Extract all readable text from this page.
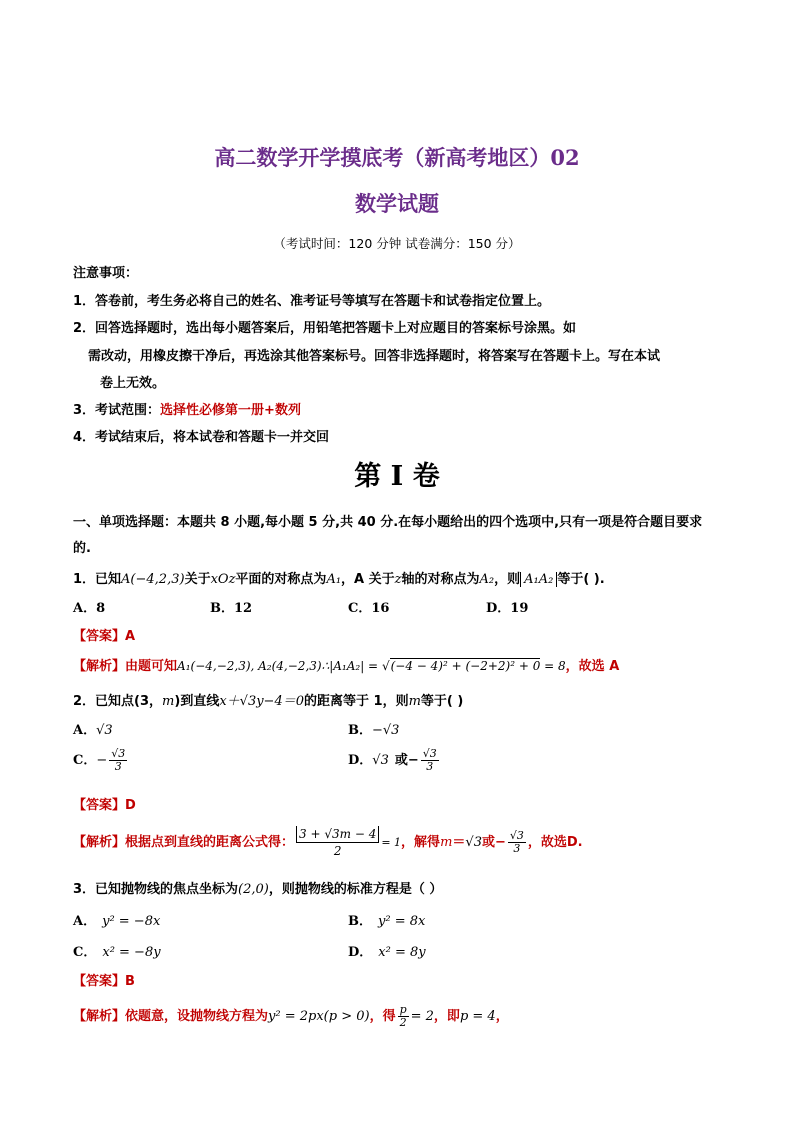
高二数学开学摸底考（新高考地区）02
数学试题
（考试时间：120 分钟 试卷满分：150 分）
注意事项：
1．答卷前，考生务必将自己的姓名、准考证号等填写在答题卡和试卷指定位置上。
2．回答选择题时，选出每小题答案后，用铅笔把答题卡上对应题目的答案标号涂黑。如
需改动，用橡皮擦干净后，再选涂其他答案标号。回答非选择题时，将答案写在答题卡上。写在本试
卷上无效。
3．考试范围：选择性必修第一册+数列
4．考试结束后，将本试卷和答题卡一并交回
第 I 卷
一、单项选择题：本题共 8 小题,每小题 5 分,共 40 分.在每小题给出的四个选项中,只有一项是符合题目要求
的.
1．已知A(−4,2,3)关于xOz平面的对称点为A₁，A 关于z轴的对称点为A₂，则 A₁A₂ 等于( ).
A．8	B．12	C．16	D．19
【答案】A
【解析】由题可知A₁(−4,−2,3), A₂(4,−2,3)∴|A₁A₂| = √(−4 − 4)² + (−2+2)² + 0 = 8，故选 A
2．已知点(3，m)到直线x＋√3y−4＝0的距离等于 1，则m等于( )
A．√3	B．−√3
C．− $\frac{√3}{3}$	D．√3 或− $\frac{√3}{3}$
【答案】D
【解析】根据点到直线的距离公式得： $\frac{3 + √3m - 4}{2} = 1$，解得m＝√3或− $\frac{√3}{3}$ ，故选D.
3．已知抛物线的焦点坐标为(2,0)，则抛物线的标准方程是（ ）
A． y² = −8x	B． y² = 8x
C． x² = −8y	D． x² = 8y
【答案】B
【解析】依题意，设抛物线方程为y² = 2px(p > 0)，得 $\frac{p}{2} = 2$，即p = 4，
